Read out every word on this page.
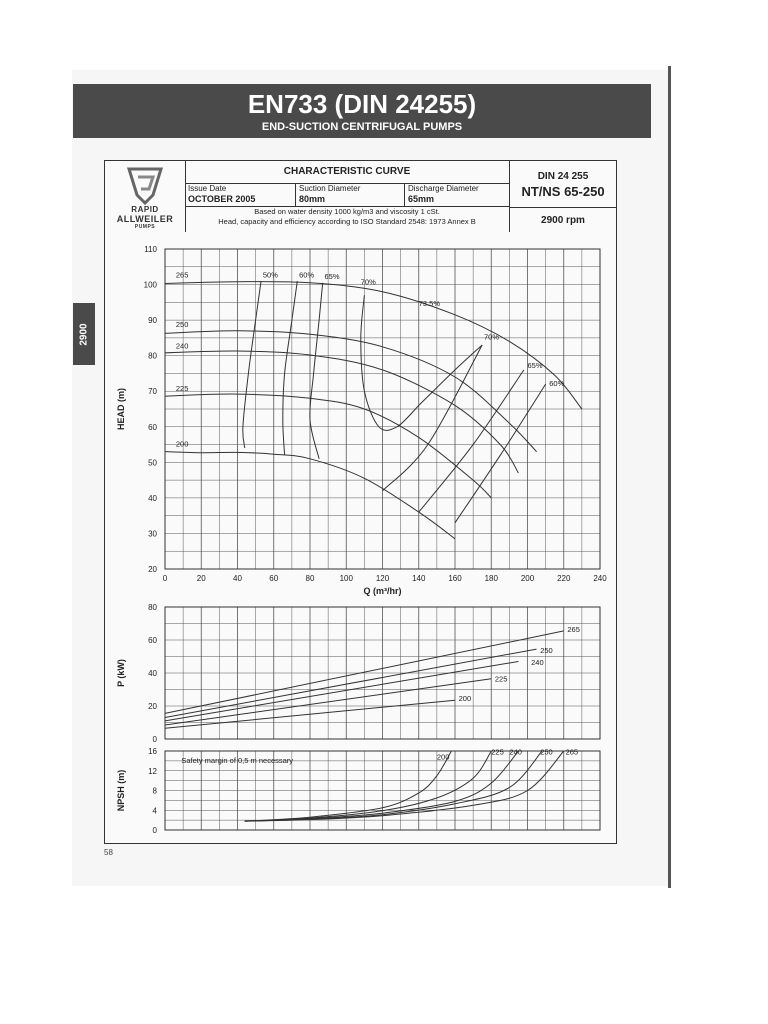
EN733 (DIN 24255)
END-SUCTION CENTRIFUGAL PUMPS
2900
RAPID
ALLWEILER
PUMPS
CHARACTERISTIC CURVE
Issue Date
OCTOBER 2005
Suction Diameter
80mm
Discharge Diameter
65mm
Based on water density 1000 kg/m3 and viscosity 1 cSt.
Head, capacity and efficiency according to ISO Standard 2548: 1973 Annex B
DIN 24 255
NT/NS 65-250
2900 rpm
58
20
30
40
50
60
70
80
90
100
110
0	20	40	60	80	100	120	140	160	180	200	220	240
HEAD (m)
Q (m³/hr)
50%	60% 65%
70%
73.5%
70%
65%
60%
265
250
240
225
200
0
20
40
60
80
P (kW)
265
250
240
225
200
0
4
8
12
16
NPSH (m)
200
225 240 250 265
Safety margin of 0,5 m necessary
